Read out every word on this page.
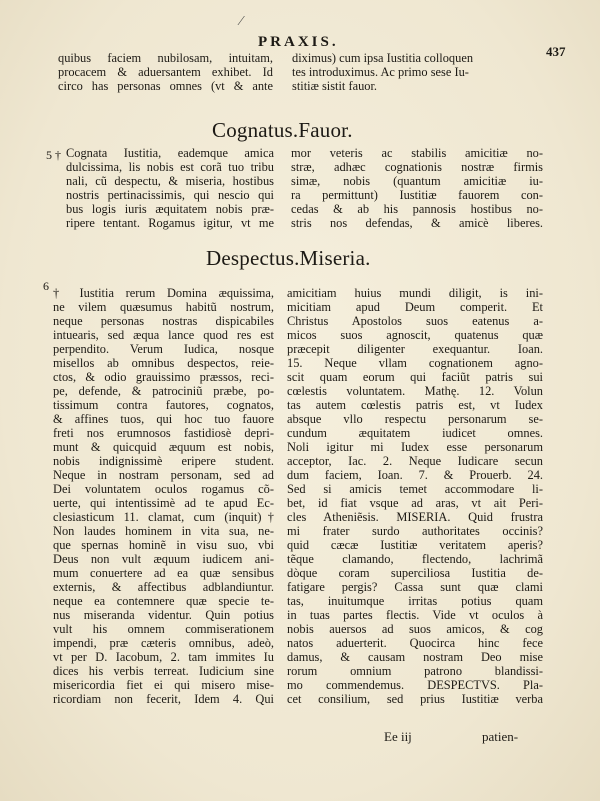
⁄
PRAXIS.
437

quibus faciem nubilosam, intuitam,

procacem & aduersantem exhibet. Id

circo has personas omnes (vt & ante

diximus) cum ipsa Iustitia colloquen

tes introduximus. Ac primo sese Iu-

stitiæ sistit fauor.

Cognatus.Fauor.
5 † Cognata Iustitia, eademque amica

dulcissima, lis nobis est corã tuo tribu

nali, cũ despectu, & miseria, hostibus

nostris pertinacissimis, qui nescio qui

bus logis iuris æquitatem nobis præ-

ripere tentant. Rogamus igitur, vt me

mor veteris ac stabilis amicitiæ no-

stræ, adhæc cognationis nostræ firmis

simæ, nobis (quantum amicitiæ iu-

ra permittunt) Iustitiæ fauorem con-

cedas & ab his pannosis hostibus no-

stris nos defendas, & amicè liberes.

Despectus.Miseria.
6 † Iustitia rerum Domina æquissima,

ne vilem quæsumus habitũ nostrum,

neque personas nostras dispicabiles

intuearis, sed æqua lance quod res est

perpendito. Verum Iudica, nosque

misellos ab omnibus despectos, reie-

ctos, & odio grauissimo præssos, reci-

pe, defende, & patrociniũ præbe, po-

tissimum contra fautores, cognatos,

& affines tuos, qui hoc tuo fauore

freti nos erumnosos fastidiosè depri-

munt & quicquid æquum est nobis,

nobis indignissimè eripere student.

Neque in nostram personam, sed ad

Dei voluntatem oculos rogamus cõ-

uerte, qui intentissimè ad te apud Ec-

clesiasticum 11. clamat, cum (inquit)†

Non laudes hominem in vita sua, ne-

que spernas hominẽ in visu suo, vbi

Deus non vult æquum iudicem ani-

mum conuertere ad ea quæ sensibus

externis, & affectibus adblandiuntur.

neque ea contemnere quæ specie te-

nus miseranda videntur. Quin potius

vult his omnem commiserationem

impendi, præ cæteris omnibus, adeò,

vt per D. Iacobum, 2. tam immites Iu

dices his verbis terreat. Iudicium sine

misericordia fiet ei qui misero mise-

ricordiam non fecerit, Idem 4. Qui

amicitiam huius mundi diligit, is ini-

micitiam apud Deum comperit. Et

Christus Apostolos suos eatenus a-

micos suos agnoscit, quatenus quæ

præcepit diligenter exequantur. Ioan.

15. Neque vllam cognationem agno-

scit quam eorum qui faciũt patris sui

cœlestis voluntatem. Mathę. 12. Volun

tas autem cœlestis patris est, vt Iudex

absque vllo respectu personarum se-

cundum æquitatem iudicet omnes.

Noli igitur mi Iudex esse personarum

acceptor, Iac. 2. Neque Iudicare secun

dum faciem, Ioan. 7. & Prouerb. 24.

Sed si amicis temet accommodare li-

bet, id fiat vsque ad aras, vt ait Peri-

cles Atheniẽsis. MISERIA. Quid frustra

mi frater surdo authoritates occinis?

quid cæcæ Iustitiæ veritatem aperis?

tẽque clamando, flectendo, lachrimã

dòque coram superciliosa Iustitia de-

fatigare pergis? Cassa sunt quæ clami

tas, inuitumque irritas potius quam

in tuas partes flectis. Vide vt oculos à

nobis auersos ad suos amicos, & cog

natos aduerterit. Quocirca hinc fece

damus, & causam nostram Deo mise

rorum omnium patrono blandissi-

mo commendemus. DESPECTVS. Pla-

cet consilium, sed prius Iustitiæ verba

Ee iij	patien-
